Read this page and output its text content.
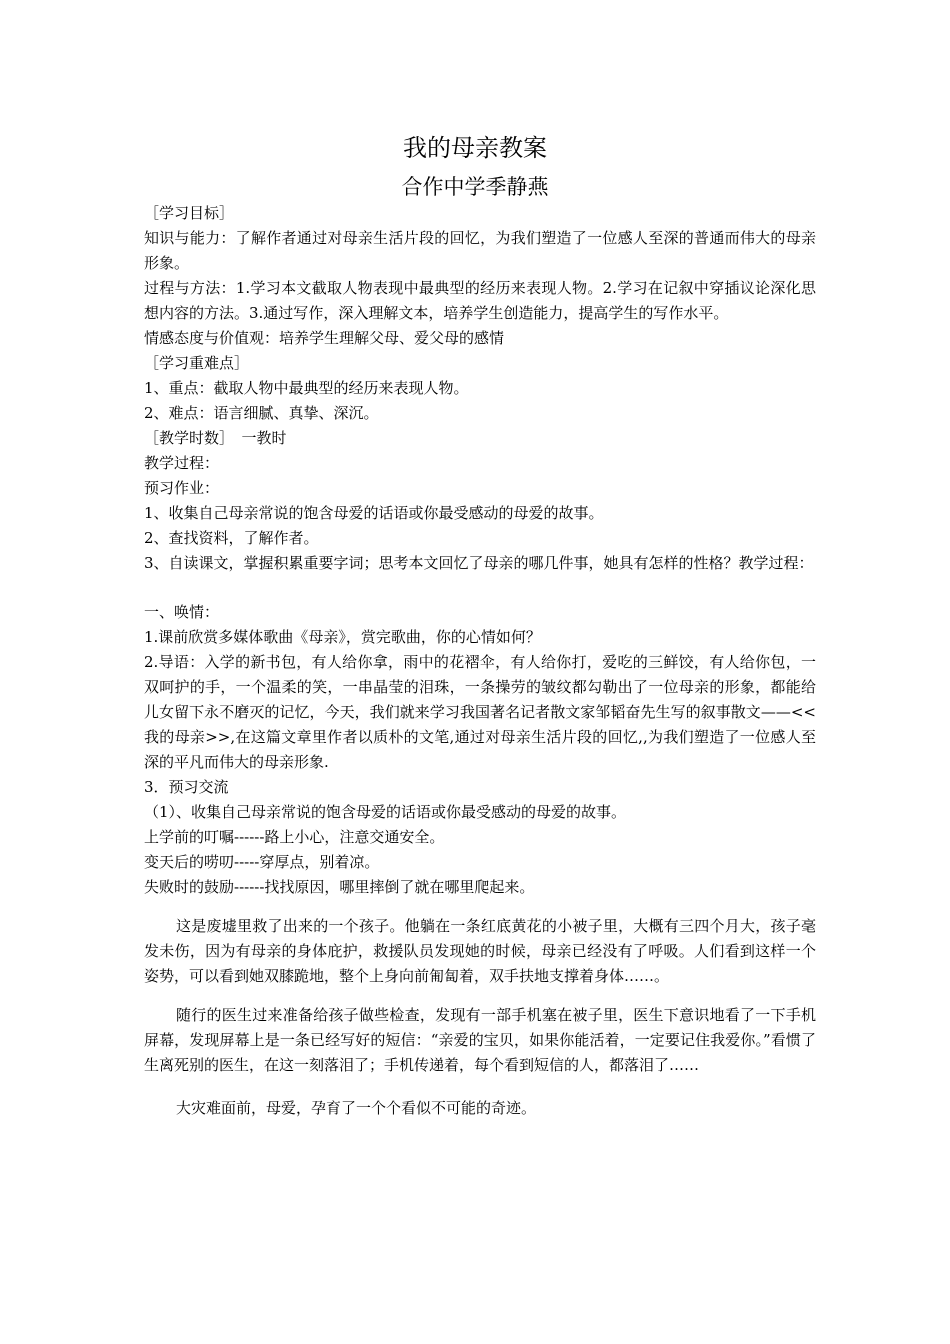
我的母亲教案
合作中学季静燕

［学习目标］

知识与能力：了解作者通过对母亲生活片段的回忆，为我们塑造了一位感人至深的普通而伟大的母亲形象。

过程与方法：1.学习本文截取人物表现中最典型的经历来表现人物。2.学习在记叙中穿插议论深化思想内容的方法。3.通过写作，深入理解文本，培养学生创造能力，提高学生的写作水平。

情感态度与价值观：培养学生理解父母、爱父母的感情

［学习重难点］

1、重点：截取人物中最典型的经历来表现人物。

2、难点：语言细腻、真挚、深沉。

［教学时数］　一教时

教学过程：

预习作业：

1、收集自己母亲常说的饱含母爱的话语或你最受感动的母爱的故事。

2、查找资料，了解作者。

3、自读课文，掌握积累重要字词；思考本文回忆了母亲的哪几件事，她具有怎样的性格？教学过程：

一、唤情：

1.课前欣赏多媒体歌曲《母亲》，赏完歌曲，你的心情如何？

2.导语：入学的新书包，有人给你拿，雨中的花褶伞，有人给你打，爱吃的三鲜饺，有人给你包，一双呵护的手，一个温柔的笑，一串晶莹的泪珠，一条操劳的皱纹都勾勒出了一位母亲的形象，都能给儿女留下永不磨灭的记忆，今天，我们就来学习我国著名记者散文家邹韬奋先生写的叙事散文——<<我的母亲>>,在这篇文章里作者以质朴的文笔,通过对母亲生活片段的回忆,,为我们塑造了一位感人至深的平凡而伟大的母亲形象.

3．预习交流

（1）、收集自己母亲常说的饱含母爱的话语或你最受感动的母爱的故事。

上学前的叮嘱------路上小心，注意交通安全。

变天后的唠叨-----穿厚点，别着凉。

失败时的鼓励------找找原因，哪里摔倒了就在哪里爬起来。

这是废墟里救了出来的一个孩子。他躺在一条红底黄花的小被子里，大概有三四个月大，孩子毫发未伤，因为有母亲的身体庇护，救援队员发现她的时候，母亲已经没有了呼吸。人们看到这样一个姿势，可以看到她双膝跪地，整个上身向前匍匐着，双手扶地支撑着身体……。

随行的医生过来准备给孩子做些检查，发现有一部手机塞在被子里，医生下意识地看了一下手机屏幕，发现屏幕上是一条已经写好的短信：“亲爱的宝贝，如果你能活着，一定要记住我爱你。”看惯了生离死别的医生，在这一刻落泪了；手机传递着，每个看到短信的人，都落泪了……

大灾难面前，母爱，孕育了一个个看似不可能的奇迹。
